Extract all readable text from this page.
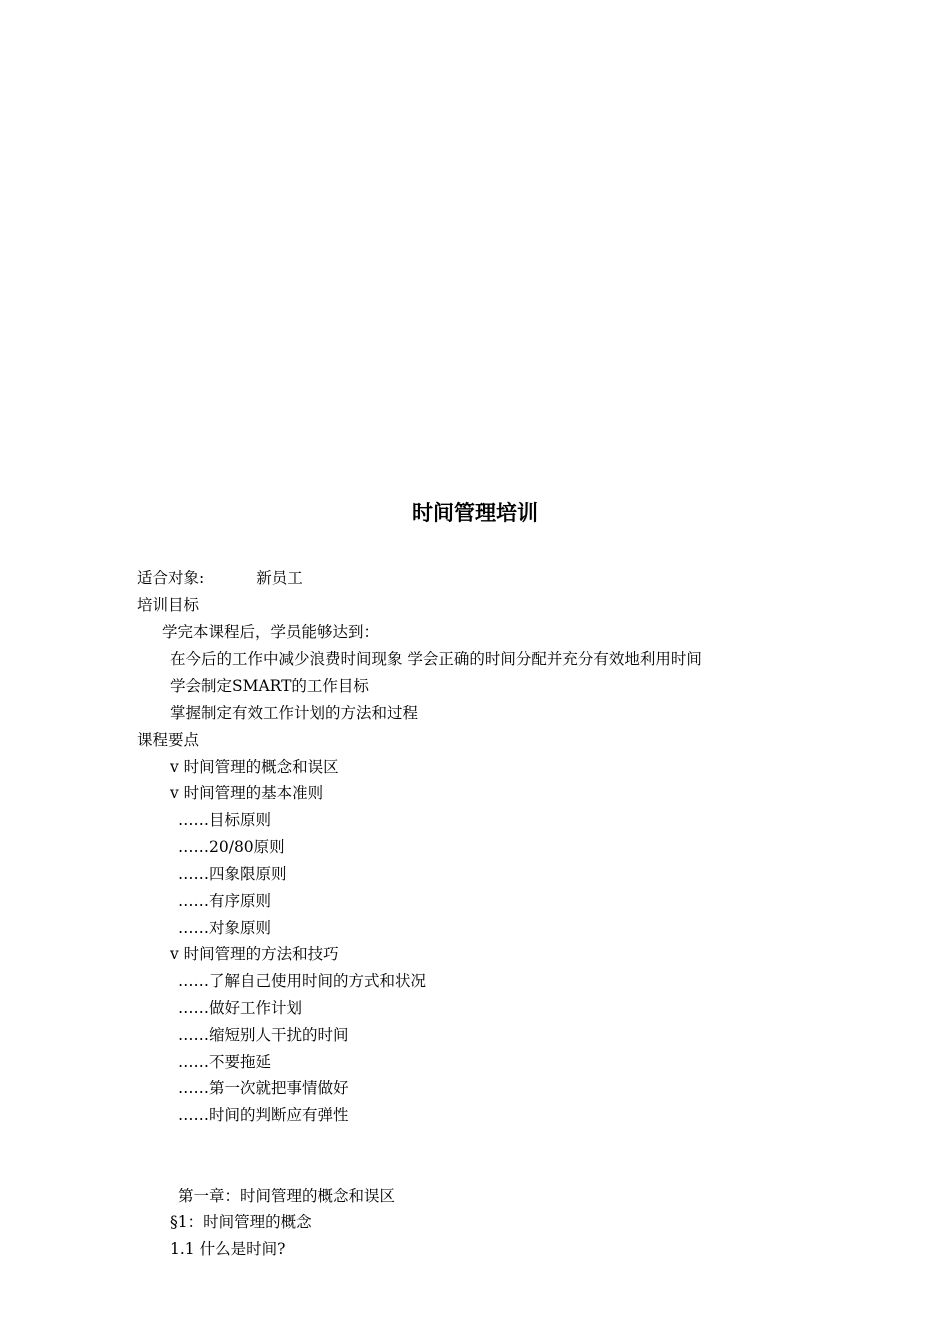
时间管理培训
适合对象:	新员工
培训目标
学完本课程后，学员能够达到：
在今后的工作中减少浪费时间现象 学会正确的时间分配并充分有效地利用时间
学会制定SMART的工作目标
掌握制定有效工作计划的方法和过程
课程要点
v 时间管理的概念和误区
v 时间管理的基本准则
……目标原则
……20/80原则
……四象限原则
……有序原则
……对象原则
v 时间管理的方法和技巧
……了解自己使用时间的方式和状况
……做好工作计划
……缩短别人干扰的时间
……不要拖延
……第一次就把事情做好
……时间的判断应有弹性
第一章：时间管理的概念和误区
§1：时间管理的概念
1.1 什么是时间?
